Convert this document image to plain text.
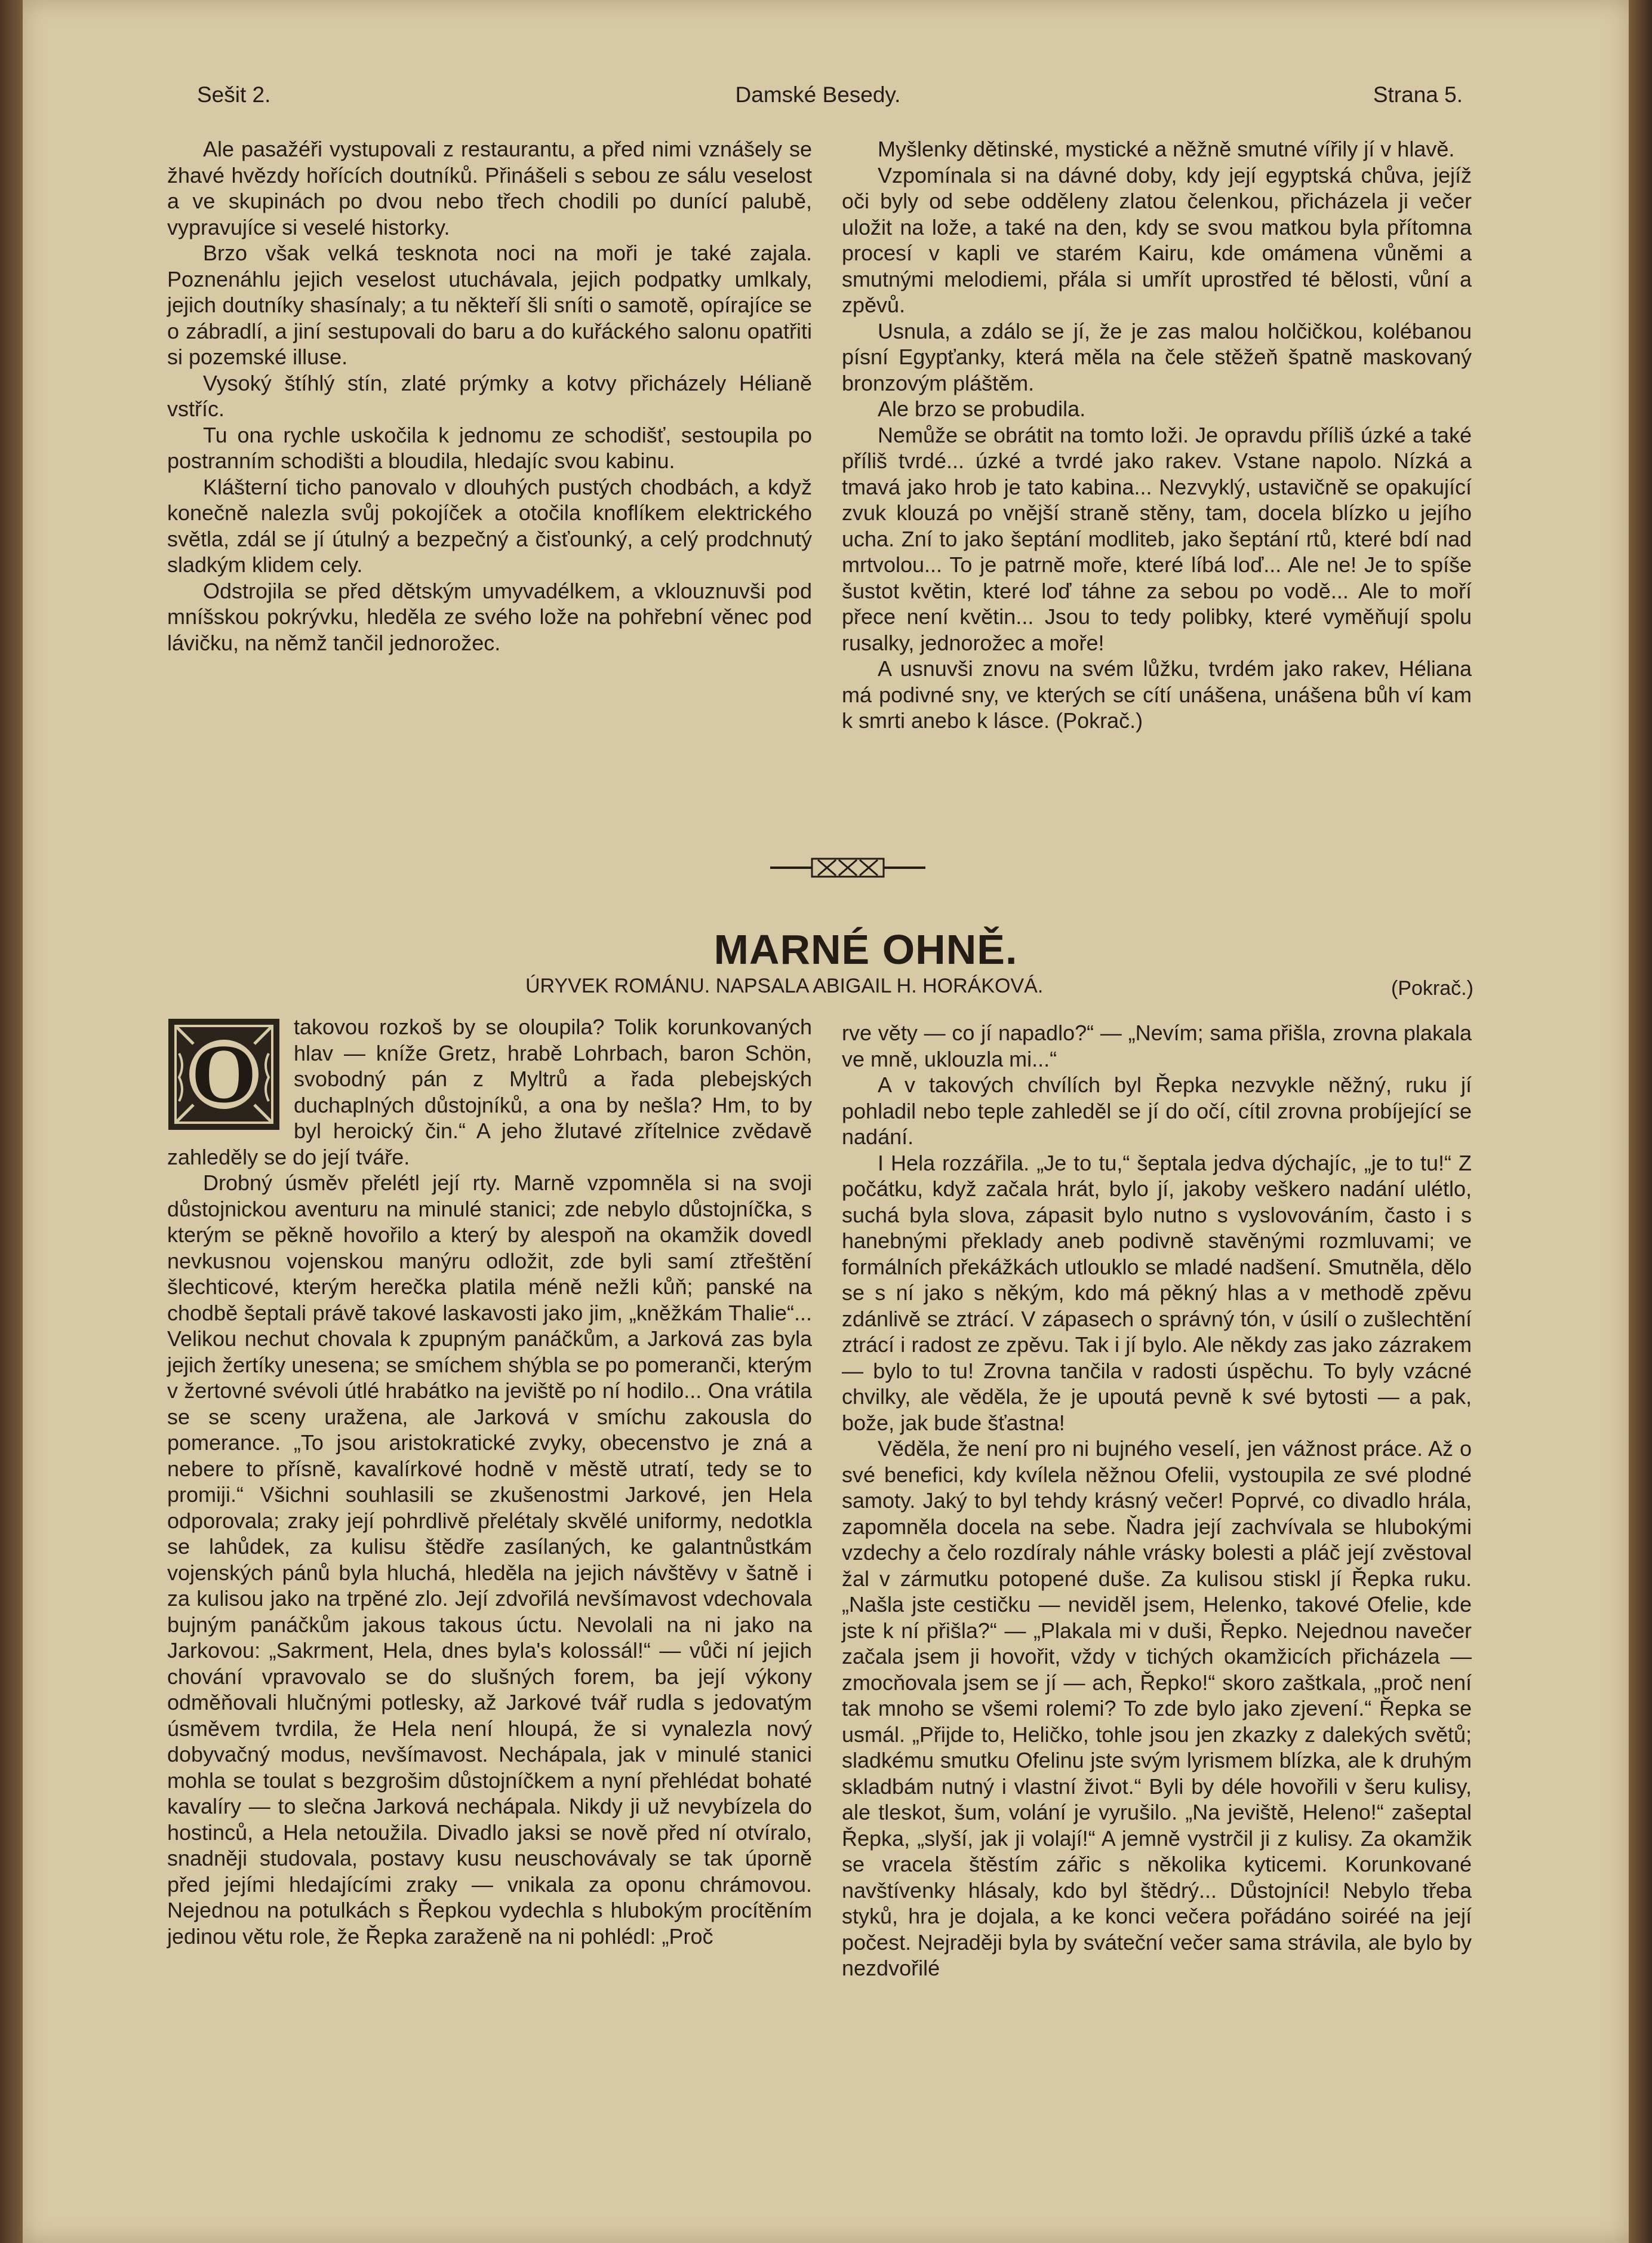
Sešit 2.	Damské Besedy.	Strana 5.

Ale pasažéři vystupovali z restaurantu, a před nimi vznášely se žhavé hvězdy hořících doutníků. Přinášeli s sebou ze sálu veselost a ve skupinách po dvou nebo třech chodili po dunící palubě, vypravujíce si veselé historky.

Brzo však velká tesknota noci na moři je také zajala. Poznenáhlu jejich veselost utuchávala, jejich podpatky umlkaly, jejich doutníky shasínaly; a tu někteří šli sníti o samotě, opírajíce se o zábradlí, a jiní sestupovali do baru a do kuřáckého salonu opatřiti si pozemské illuse.

Vysoký štíhlý stín, zlaté prýmky a kotvy přicházely Hélianě vstříc.

Tu ona rychle uskočila k jednomu ze schodišť, sestoupila po postranním schodišti a bloudila, hledajíc svou kabinu.

Klášterní ticho panovalo v dlouhých pustých chodbách, a když konečně nalezla svůj pokojíček a otočila knoflíkem elektrického světla, zdál se jí útulný a bezpečný a čisťounký, a celý prodchnutý sladkým klidem cely.

Odstrojila se před dětským umyvadélkem, a vklouznuvši pod mníšskou pokrývku, hleděla ze svého lože na pohřební věnec pod lávičku, na němž tančil jednorožec.

Myšlenky dětinské, mystické a něžně smutné vířily jí v hlavě.

Vzpomínala si na dávné doby, kdy její egyptská chůva, jejíž oči byly od sebe odděleny zlatou čelenkou, přicházela ji večer uložit na lože, a také na den, kdy se svou matkou byla přítomna procesí v kapli ve starém Kairu, kde omámena vůněmi a smutnými melodiemi, přála si umřít uprostřed té bělosti, vůní a zpěvů.

Usnula, a zdálo se jí, že je zas malou holčičkou, kolébanou písní Egypťanky, která měla na čele stěžeň špatně maskovaný bronzovým pláštěm.

Ale brzo se probudila.

Nemůže se obrátit na tomto loži. Je opravdu příliš úzké a také příliš tvrdé... úzké a tvrdé jako rakev. Vstane napolo. Nízká a tmavá jako hrob je tato kabina... Nezvyklý, ustavičně se opakující zvuk klouzá po vnější straně stěny, tam, docela blízko u jejího ucha. Zní to jako šeptání modliteb, jako šeptání rtů, které bdí nad mrtvolou... To je patrně moře, které líbá loď... Ale ne! Je to spíše šustot květin, které loď táhne za sebou po vodě... Ale to moří přece není květin... Jsou to tedy polibky, které vyměňují spolu rusalky, jednorožec a moře!

A usnuvši znovu na svém lůžku, tvrdém jako rakev, Héliana má podivné sny, ve kterých se cítí unášena, unášena bůh ví kam k smrti anebo k lásce. (Pokrač.)

MARNÉ OHNĚ.
ÚRYVEK ROMÁNU. NAPSALA ABIGAIL H. HORÁKOVÁ.	(Pokrač.)
O

takovou rozkoš by se oloupila? Tolik korunkovaných hlav — kníže Gretz, hrabě Lohrbach, baron Schön, svobodný pán z Myltrů a řada plebejských duchaplných důstojníků, a ona by nešla? Hm, to by byl heroický čin.“ A jeho žlutavé zřítelnice zvědavě zahleděly se do její tváře.

Drobný úsměv přelétl její rty. Marně vzpomněla si na svoji důstojnickou aventuru na minulé stanici; zde nebylo důstojníčka, s kterým se pěkně hovořilo a který by alespoň na okamžik dovedl nevkusnou vojenskou manýru odložit, zde byli samí ztřeštění šlechticové, kterým herečka platila méně nežli kůň; panské na chodbě šeptali právě takové laskavosti jako jim, „kněžkám Thalie“... Velikou nechut chovala k zpupným panáčkům, a Jarková zas byla jejich žertíky unesena; se smíchem shýbla se po pomeranči, kterým v žertovné svévoli útlé hrabátko na jeviště po ní hodilo... Ona vrátila se se sceny uražena, ale Jarková v smíchu zakousla do pomerance. „To jsou aristokratické zvyky, obecenstvo je zná a nebere to přísně, kavalírkové hodně v městě utratí, tedy se to promiji.“ Všichni souhlasili se zkušenostmi Jarkové, jen Hela odporovala; zraky její pohrdlivě přelétaly skvělé uniformy, nedotkla se lahůdek, za kulisu štědře zasílaných, ke galantnůstkám vojenských pánů byla hluchá, hleděla na jejich návštěvy v šatně i za kulisou jako na trpěné zlo. Její zdvořilá nevšímavost vdechovala bujným panáčkům jakous takous úctu. Nevolali na ni jako na Jarkovou: „Sakrment, Hela, dnes byla's kolossál!“ — vůči ní jejich chování vpravovalo se do slušných forem, ba její výkony odměňovali hlučnými potlesky, až Jarkové tvář rudla s jedovatým úsměvem tvrdila, že Hela není hloupá, že si vynalezla nový dobyvačný modus, nevšímavost. Nechápala, jak v minulé stanici mohla se toulat s bezgrošim důstojníčkem a nyní přehlédat bohaté kavalíry — to slečna Jarková nechápala. Nikdy ji už nevybízela do hostinců, a Hela netoužila. Divadlo jaksi se nově před ní otvíralo, snadněji studovala, postavy kusu neuschovávaly se tak úporně před jejími hledajícími zraky — vnikala za oponu chrámovou. Nejednou na potulkách s Řepkou vydechla s hlubokým procítěním jedinou větu role, že Řepka zaraženě na ni pohlédl: „Proč

rve věty — co jí napadlo?“ — „Nevím; sama přišla, zrovna plakala ve mně, uklouzla mi...“

A v takových chvílích byl Řepka nezvykle něžný, ruku jí pohladil nebo teple zahleděl se jí do očí, cítil zrovna probíjející se nadání.

I Hela rozzářila. „Je to tu,“ šeptala jedva dýchajíc, „je to tu!“ Z počátku, když začala hrát, bylo jí, jakoby veškero nadání ulétlo, suchá byla slova, zápasit bylo nutno s vyslovováním, často i s hanebnými překlady aneb podivně stavěnými rozmluvami; ve formálních překážkách utlouklo se mladé nadšení. Smutněla, dělo se s ní jako s někým, kdo má pěkný hlas a v methodě zpěvu zdánlivě se ztrácí. V zápasech o správný tón, v úsilí o zušlechtění ztrácí i radost ze zpěvu. Tak i jí bylo. Ale někdy zas jako zázrakem — bylo to tu! Zrovna tančila v radosti úspěchu. To byly vzácné chvilky, ale věděla, že je upoutá pevně k své bytosti — a pak, bože, jak bude šťastna!

Věděla, že není pro ni bujného veselí, jen vážnost práce. Až o své benefici, kdy kvílela něžnou Ofelii, vystoupila ze své plodné samoty. Jaký to byl tehdy krásný večer! Poprvé, co divadlo hrála, zapomněla docela na sebe. Ňadra její zachvívala se hlubokými vzdechy a čelo rozdíraly náhle vrásky bolesti a pláč její zvěstoval žal v zármutku potopené duše. Za kulisou stiskl jí Řepka ruku. „Našla jste cestičku — neviděl jsem, Helenko, takové Ofelie, kde jste k ní přišla?“ — „Plakala mi v duši, Řepko. Nejednou navečer začala jsem ji hovořit, vždy v tichých okamžicích přicházela — zmocňovala jsem se jí — ach, Řepko!“ skoro zaštkala, „proč není tak mnoho se všemi rolemi? To zde bylo jako zjevení.“ Řepka se usmál. „Přijde to, Heličko, tohle jsou jen zkazky z dalekých světů; sladkému smutku Ofelinu jste svým lyrismem blízka, ale k druhým skladbám nutný i vlastní život.“ Byli by déle hovořili v šeru kulisy, ale tleskot, šum, volání je vyrušilo. „Na jeviště, Heleno!“ zašeptal Řepka, „slyší, jak ji volají!“ A jemně vystrčil ji z kulisy. Za okamžik se vracela štěstím zářic s několika kyticemi. Korunkované navštívenky hlásaly, kdo byl štědrý... Důstojníci! Nebylo třeba styků, hra je dojala, a ke konci večera pořádáno soiréé na její počest. Nejraději byla by sváteční večer sama strávila, ale bylo by nezdvořilé
